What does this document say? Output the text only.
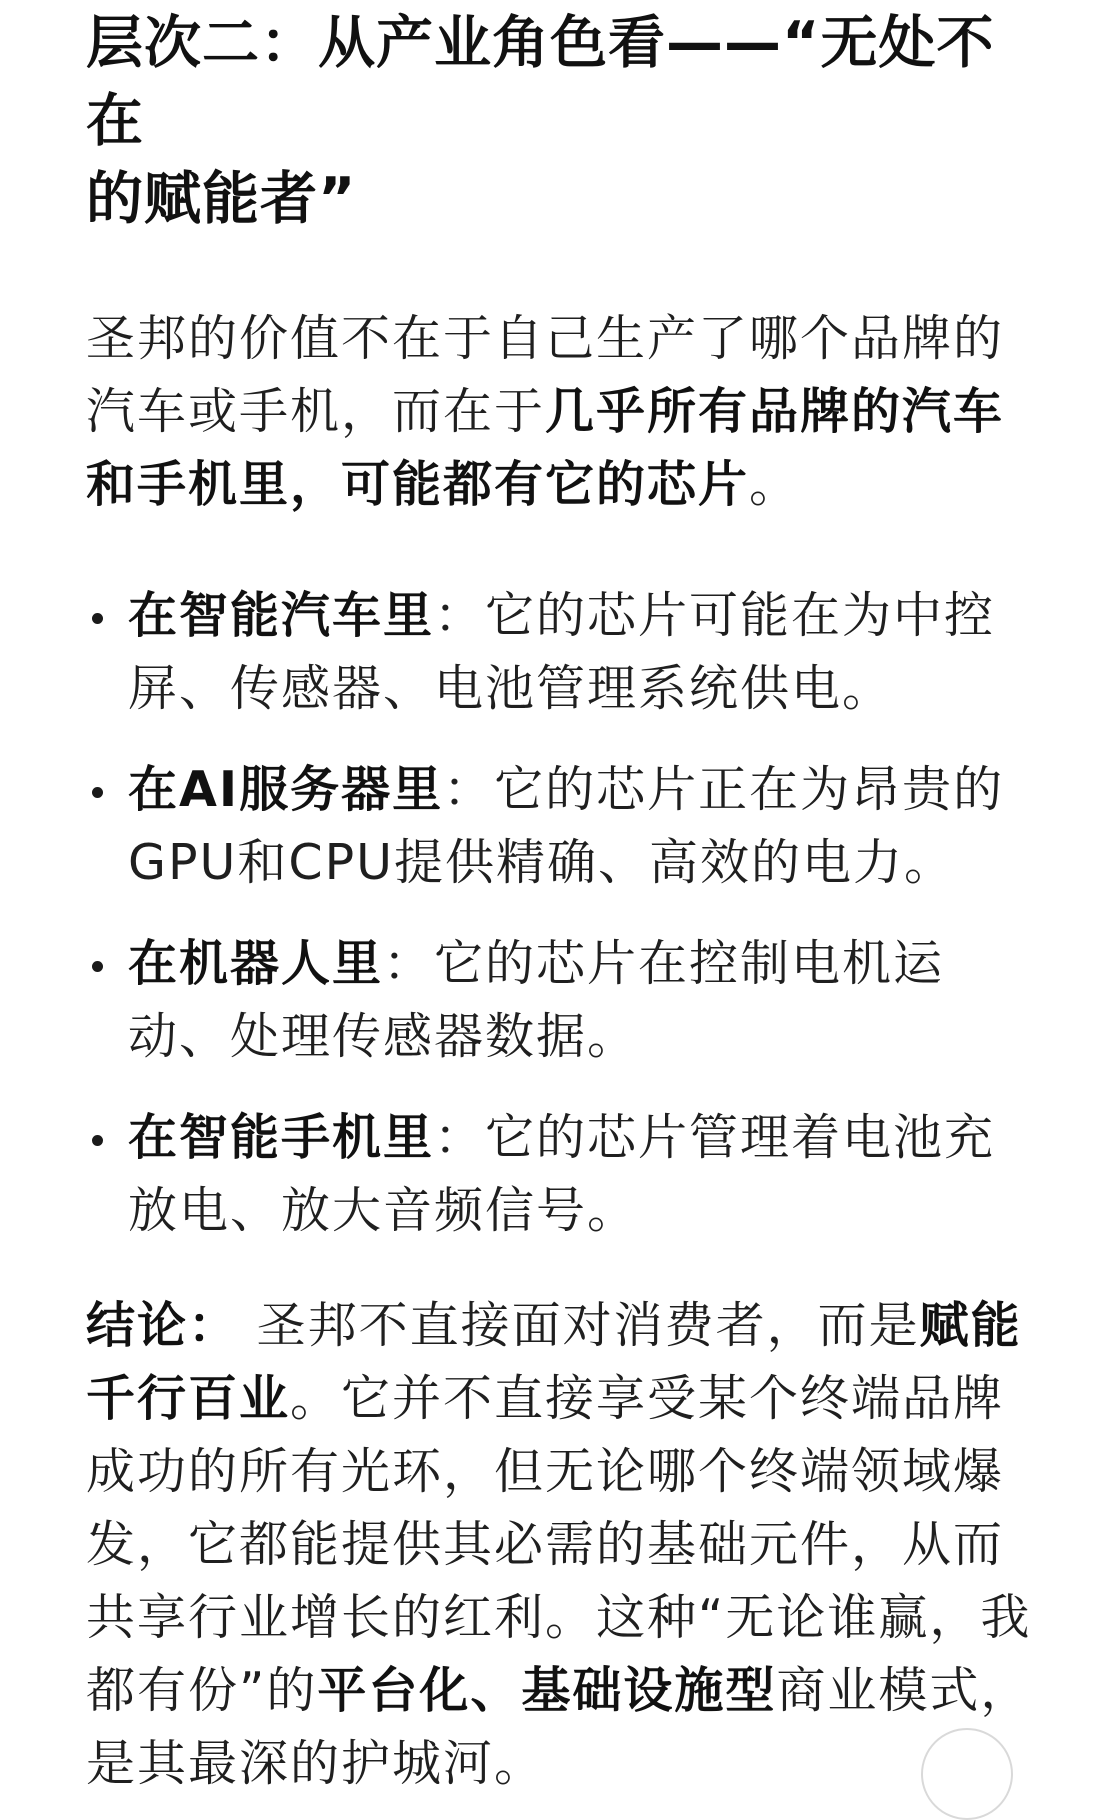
层次二：从产业角色看——“无处不在
的赋能者”

圣邦的价值不在于自己生产了哪个品牌的汽车或手机，而在于几乎所有品牌的汽车和手机里，可能都有它的芯片。

在智能汽车里：它的芯片可能在为中控屏、传感器、电池管理系统供电。
在AI服务器里：它的芯片正在为昂贵的GPU和CPU提供精确、高效的电力。
在机器人里：它的芯片在控制电机运动、处理传感器数据。
在智能手机里：它的芯片管理着电池充放电、放大音频信号。

结论： 圣邦不直接面对消费者，而是赋能千行百业。它并不直接享受某个终端品牌成功的所有光环，但无论哪个终端领域爆发，它都能提供其必需的基础元件，从而共享行业增长的红利。这种“无论谁赢，我都有份”的平台化、基础设施型商业模式，是其最深的护城河。
